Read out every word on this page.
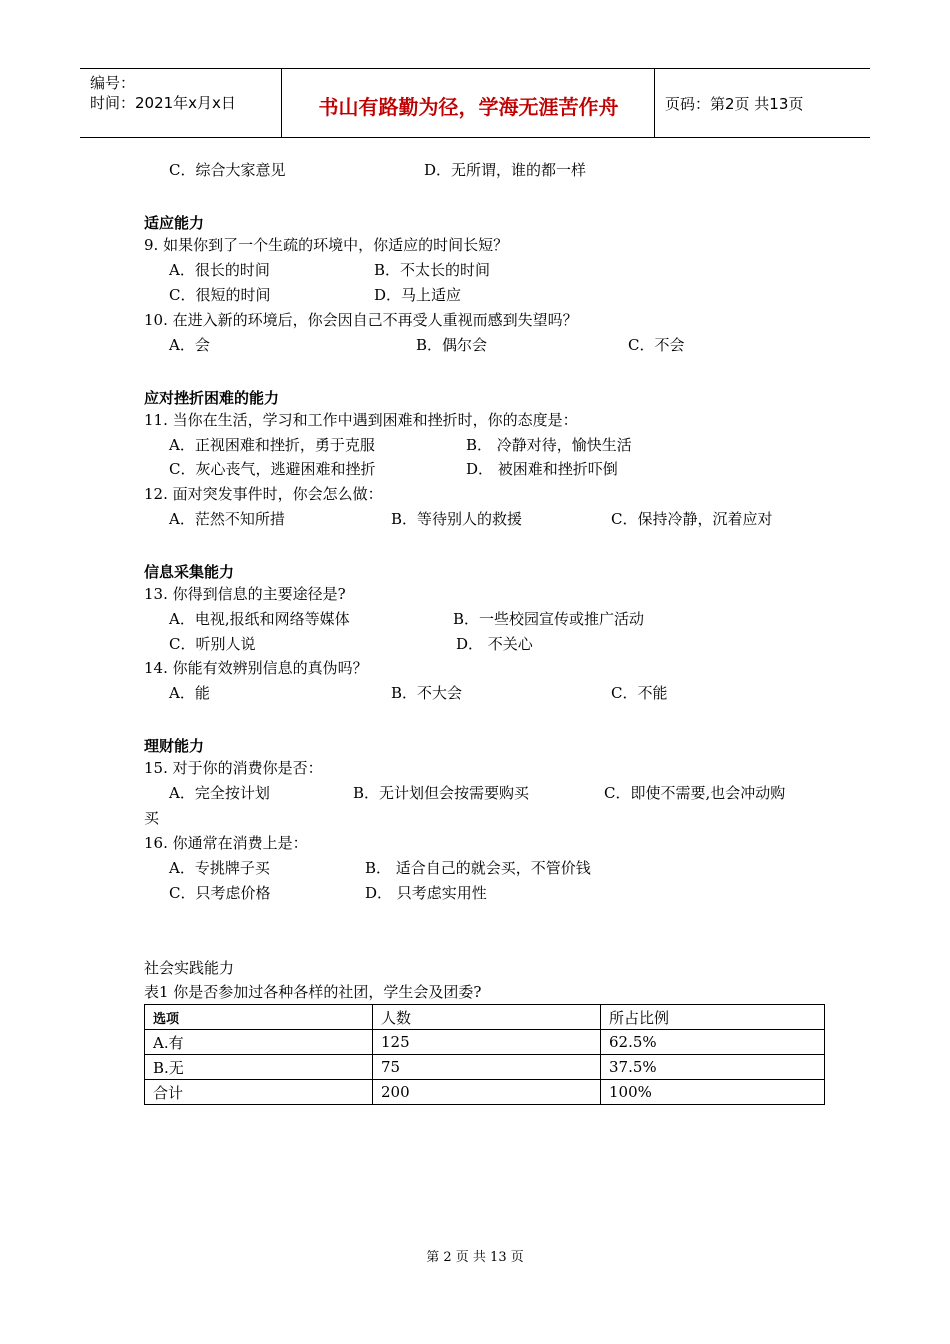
编号：
时间：2021年x月x日	书山有路勤为径，学海无涯苦作舟	页码：第2页 共13页
C．综合大家意见	D．无所谓，谁的都一样
适应能力
9. 如果你到了一个生疏的环境中，你适应的时间长短？
A．很长的时间	B．不太长的时间
C．很短的时间	D．马上适应
10. 在进入新的环境后，你会因自己不再受人重视而感到失望吗？
A．会	B．偶尔会	C．不会
应对挫折困难的能力
11. 当你在生活，学习和工作中遇到困难和挫折时，你的态度是：
A．正视困难和挫折，勇于克服	B． 冷静对待，愉快生活
C．灰心丧气，逃避困难和挫折	D． 被困难和挫折吓倒
12. 面对突发事件时，你会怎么做：
A．茫然不知所措	B．等待别人的救援	C．保持冷静，沉着应对
信息采集能力
13. 你得到信息的主要途径是?
A．电视,报纸和网络等媒体	B．一些校园宣传或推广活动
C．听别人说	D． 不关心
14. 你能有效辨别信息的真伪吗？
A．能	B．不大会	C．不能
理财能力
15. 对于你的消费你是否：
A．完全按计划	B．无计划但会按需要购买	C．即使不需要,也会冲动购
买
16. 你通常在消费上是：
A．专挑牌子买	B． 适合自己的就会买，不管价钱
C．只考虑价格	D． 只考虑实用性
社会实践能力
表1 你是否参加过各种各样的社团，学生会及团委?
选项	人数	所占比例
A.有	125	62.5%
B.无	75	37.5%
合计	200	100%
第 2 页 共 13 页
